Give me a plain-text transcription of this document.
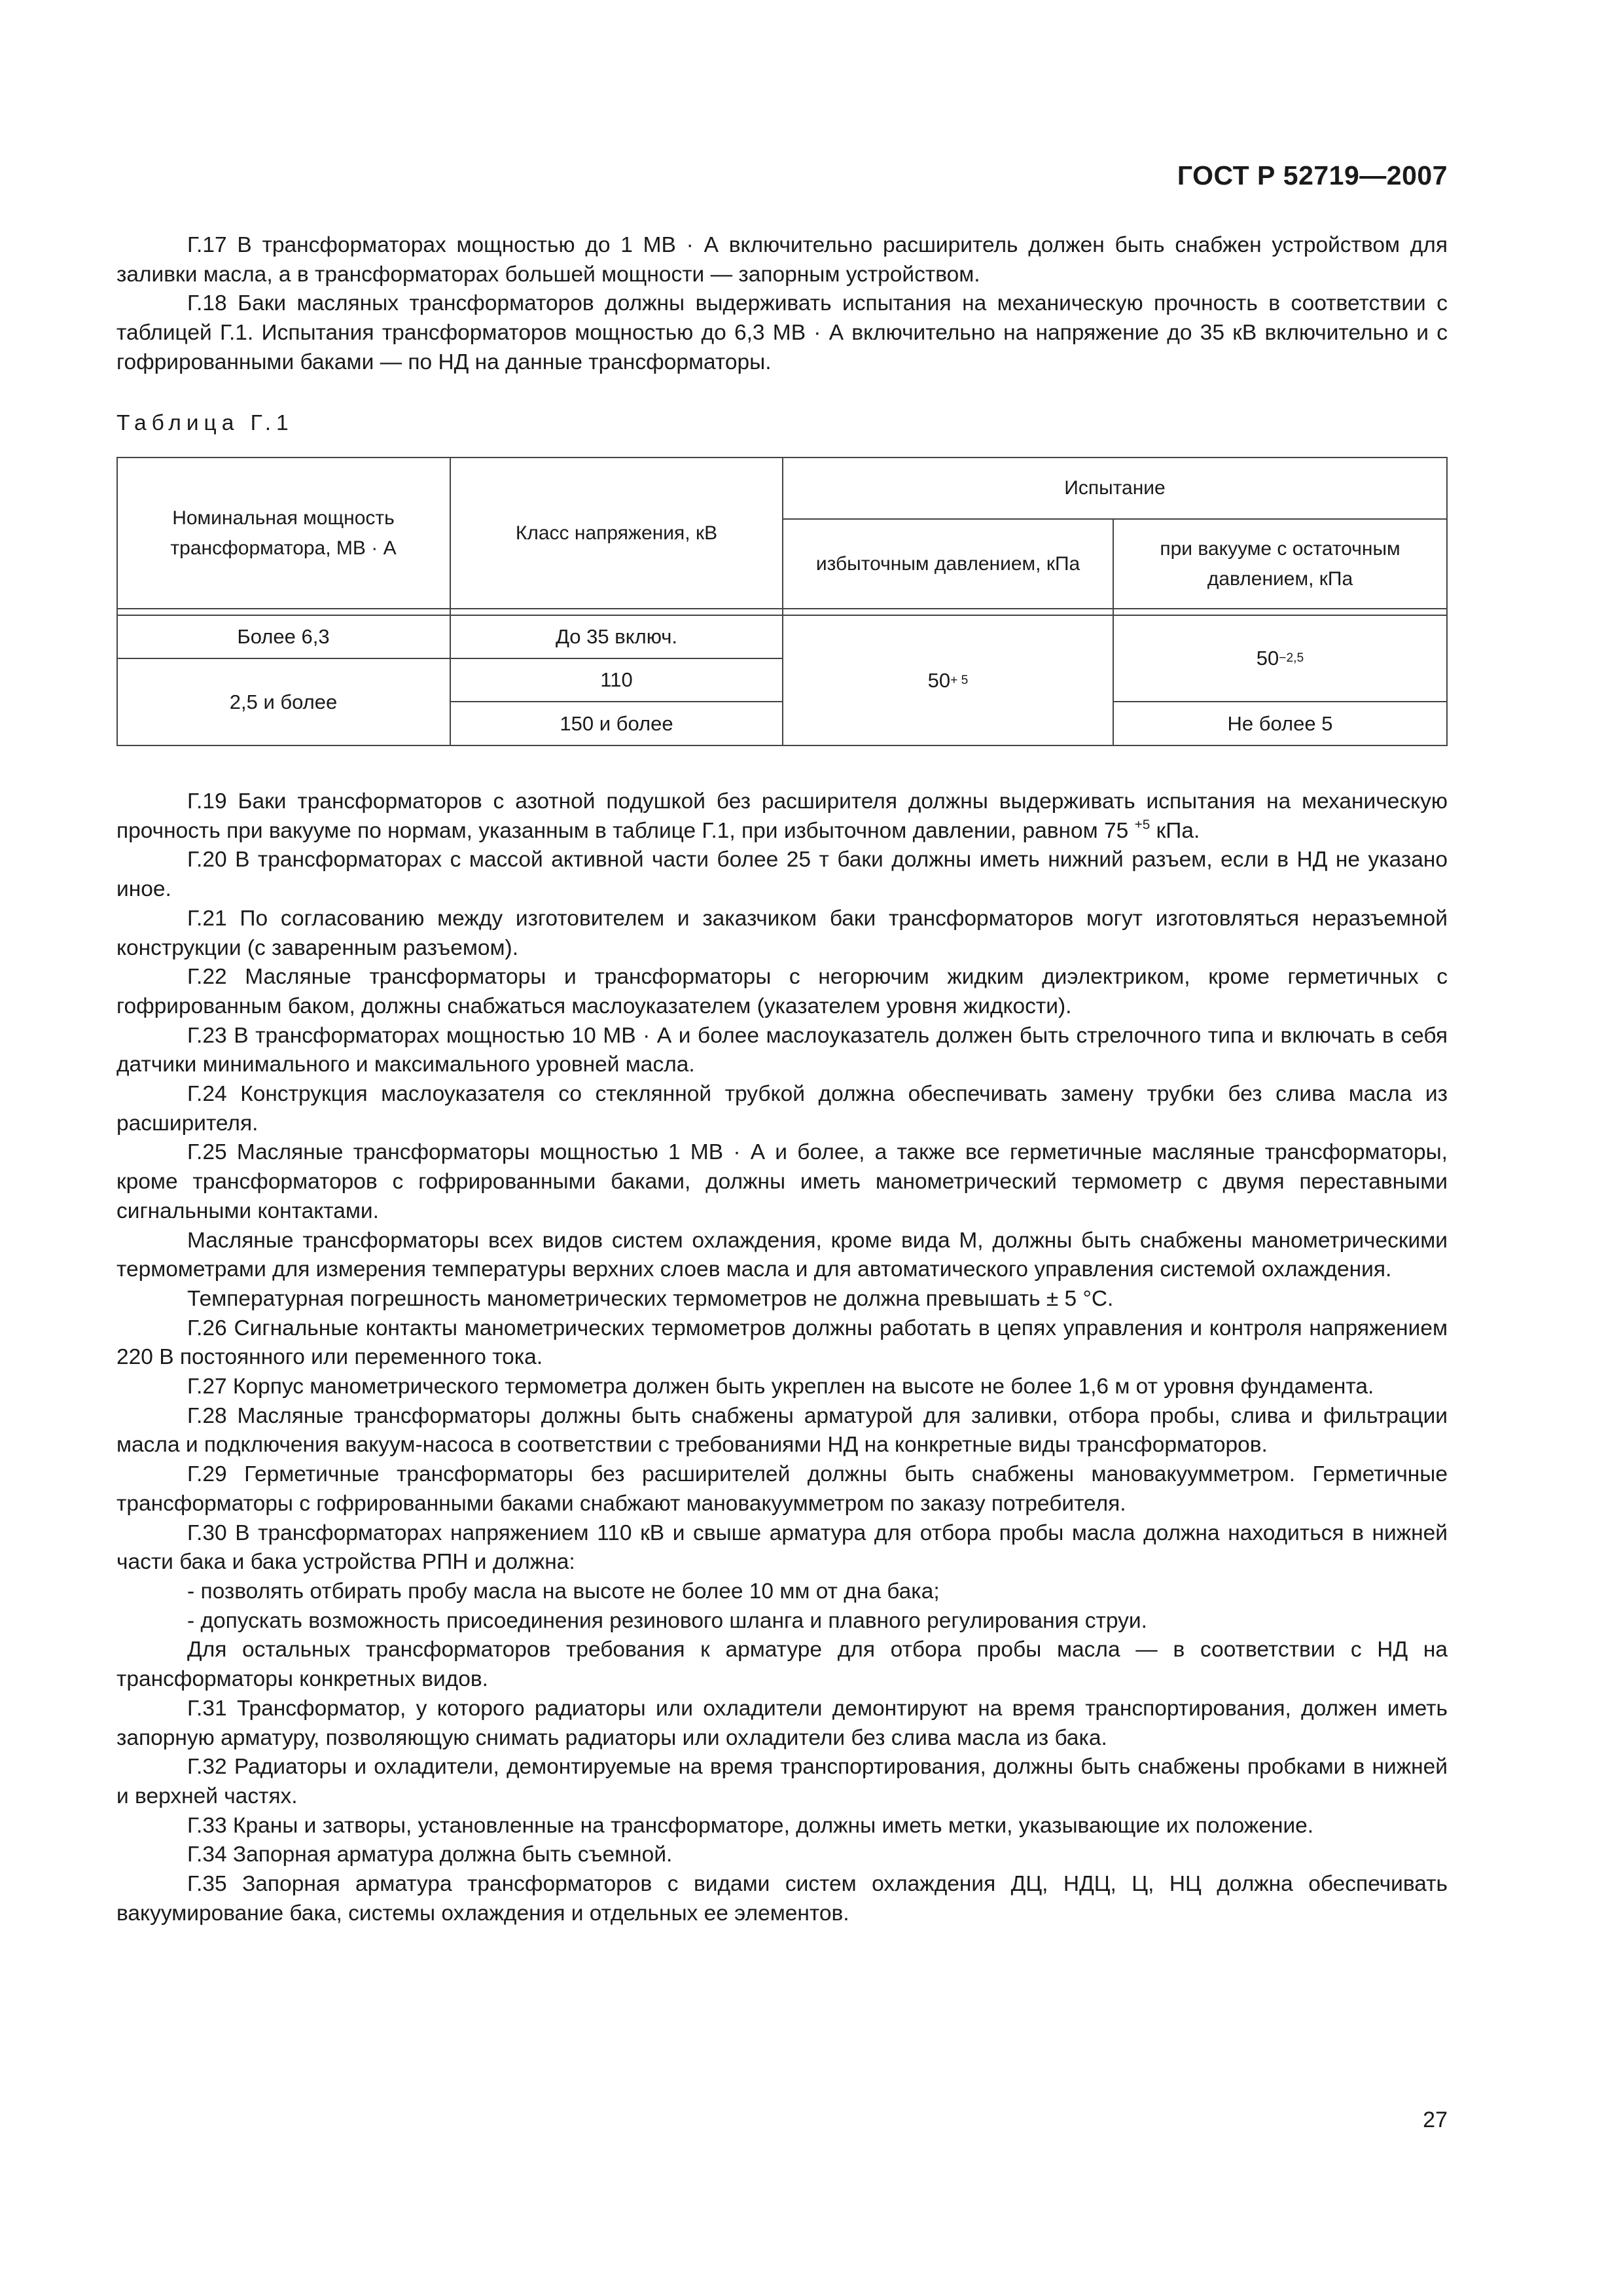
ГОСТ Р 52719—2007

Г.17 В трансформаторах мощностью до 1 МВ · А включительно расширитель должен быть снабжен устройством для заливки масла, а в трансформаторах большей мощности — запорным устройством.

Г.18 Баки масляных трансформаторов должны выдерживать испытания на механическую прочность в соответствии с таблицей Г.1. Испытания трансформаторов мощностью до 6,3 МВ · А включительно на напряжение до 35 кВ включительно и с гофрированными баками — по НД на данные трансформаторы.

Таблица Г.1
Номинальная мощность трансформатора, МВ · А
Класс напряжения, кВ
Испытание
избыточным давлением, кПа
при вакууме с остаточным давлением, кПа
Более 6,3	До 35 включ.
2,5 и более
110
150 и более
50 + 5
50 −2,5
Не более 5

Г.19 Баки трансформаторов с азотной подушкой без расширителя должны выдерживать испытания на механическую прочность при вакууме по нормам, указанным в таблице Г.1, при избыточном давлении, равном 75 $^{+5}$ кПа.

Г.20 В трансформаторах с массой активной части более 25 т баки должны иметь нижний разъем, если в НД не указано иное.

Г.21 По согласованию между изготовителем и заказчиком баки трансформаторов могут изготовляться неразъемной конструкции (с заваренным разъемом).

Г.22 Масляные трансформаторы и трансформаторы с негорючим жидким диэлектриком, кроме герметичных с гофрированным баком, должны снабжаться маслоуказателем (указателем уровня жидкости).

Г.23 В трансформаторах мощностью 10 МВ · А и более маслоуказатель должен быть стрелочного типа и включать в себя датчики минимального и максимального уровней масла.

Г.24 Конструкция маслоуказателя со стеклянной трубкой должна обеспечивать замену трубки без слива масла из расширителя.

Г.25 Масляные трансформаторы мощностью 1 МВ · А и более, а также все герметичные масляные трансформаторы, кроме трансформаторов с гофрированными баками, должны иметь манометрический термометр с двумя переставными сигнальными контактами.

Масляные трансформаторы всех видов систем охлаждения, кроме вида М, должны быть снабжены манометрическими термометрами для измерения температуры верхних слоев масла и для автоматического управления системой охлаждения.

Температурная погрешность манометрических термометров не должна превышать ± 5 °С.

Г.26 Сигнальные контакты манометрических термометров должны работать в цепях управления и контроля напряжением 220 В постоянного или переменного тока.

Г.27 Корпус манометрического термометра должен быть укреплен на высоте не более 1,6 м от уровня фундамента.

Г.28 Масляные трансформаторы должны быть снабжены арматурой для заливки, отбора пробы, слива и фильтрации масла и подключения вакуум-насоса в соответствии с требованиями НД на конкретные виды трансформаторов.

Г.29 Герметичные трансформаторы без расширителей должны быть снабжены мановакуумметром. Герметичные трансформаторы с гофрированными баками снабжают мановакуумметром по заказу потребителя.

Г.30 В трансформаторах напряжением 110 кВ и свыше арматура для отбора пробы масла должна находиться в нижней части бака и бака устройства РПН и должна:

- позволять отбирать пробу масла на высоте не более 10 мм от дна бака;

- допускать возможность присоединения резинового шланга и плавного регулирования струи.

Для остальных трансформаторов требования к арматуре для отбора пробы масла — в соответствии с НД на трансформаторы конкретных видов.

Г.31 Трансформатор, у которого радиаторы или охладители демонтируют на время транспортирования, должен иметь запорную арматуру, позволяющую снимать радиаторы или охладители без слива масла из бака.

Г.32 Радиаторы и охладители, демонтируемые на время транспортирования, должны быть снабжены пробками в нижней и верхней частях.

Г.33 Краны и затворы, установленные на трансформаторе, должны иметь метки, указывающие их положение.

Г.34 Запорная арматура должна быть съемной.

Г.35 Запорная арматура трансформаторов с видами систем охлаждения ДЦ, НДЦ, Ц, НЦ должна обеспечивать вакуумирование бака, системы охлаждения и отдельных ее элементов.

27
